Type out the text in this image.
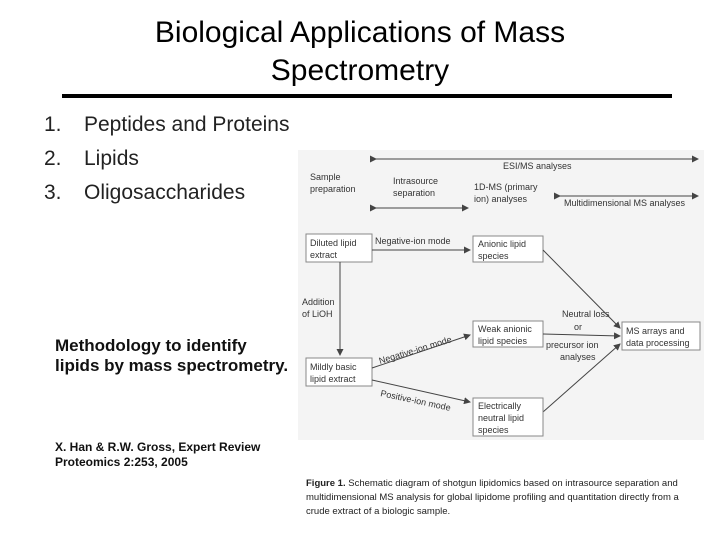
Biological Applications of Mass Spectrometry
1. Peptides and Proteins
2. Lipids
3. Oligosaccharides
Methodology to identify lipids by mass spectrometry.
X. Han & R.W. Gross, Expert Review Proteomics 2:253, 2005
ESI/MS analyses
Sample
preparation
Intrasource
separation
1D-MS (primary
ion) analyses	Multidimensional MS analyses
Diluted lipid
extract
Negative-ion mode	Anionic lipid
species
Addition
of LiOH	Neutral loss
or
precursor ion
analyses
Weak anionic
lipid species
MS arrays and
data processing
Mildly basic
lipid extract
Negative-ion mode
Positive-ion mode	Electrically
neutral lipid
species
Figure 1. Schematic diagram of shotgun lipidomics based on intrasource separation and multidimensional MS analysis for global lipidome profiling and quantitation directly from a crude extract of a biologic sample.
